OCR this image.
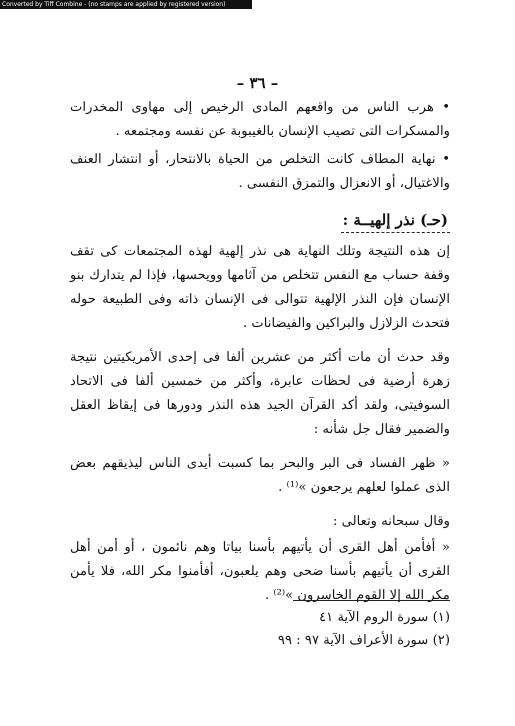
Converted by Tiff Combine - (no stamps are applied by registered version)
– ٣٦ –

• هرب الناس من واقعهم المادى الرخيص إلى مهاوى المخدرات والمسكرات التى تصيب الإنسان بالغيبوبة عن نفسه ومجتمعه .

• نهاية المطاف كانت التخلص من الحياة بالانتحار، أو انتشار العنف والاغتيال، أو الانعزال والتمزق النفسى .

(حـ) نذر إلهيــة :

إن هذه النتيجة وتلك النهاية هى نذر إلهية لهذه المجتمعات كى تقف وقفة حساب مع النفس تتخلص من آثامها وويحسها، فإذا لم يتدارك بنو الإنسان فإن النذر الإلهية تتوالى فى الإنسان ذاته وفى الطبيعة حوله فتحدث الزلازل والبراكين والفيضانات .

وقد حدث أن مات أكثر من عشرين ألفا فى إحدى الأمريكيتين نتيجة زهرة أرضية فى لحظات عابرة، وأكثر من خمسين ألفا فى الاتحاد السوفيتى، ولقد أكد القرآن الجيد هذه النذر ودورها فى إيقاظ العقل والضمير فقال جل شأنه :

« ظهر الفساد فى البر والبحر بما كسبت أيدى الناس ليذيقهم بعض الذى عملوا لعلهم يرجعون »⁽¹⁾ .

وقال سبحانه وتعالى :

« أفأمن أهل القرى أن يأتيهم بأسنا بياتا وهم نائمون ، أو أمن أهل القرى أن يأتيهم بأسنا ضحى وهم يلعبون، أفأمنوا مكر الله، فلا يأمن مكر الله إلا القوم الخاسرون »⁽²⁾ .

(١) سورة الروم الآية ٤١
(٢) سورة الأعراف الآية ٩٧ : ٩٩
